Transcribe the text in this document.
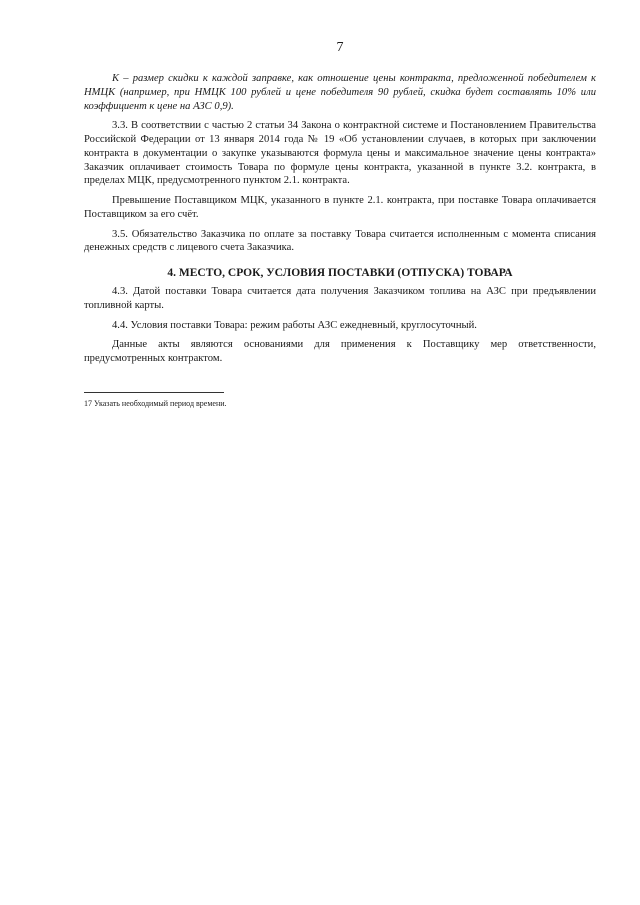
7

К – размер скидки к каждой заправке, как отношение цены контракта, предложенной победителем к НМЦК (например, при НМЦК 100 рублей и цене победителя 90 рублей, скидка будет составлять 10% или коэффициент к цене на АЗС 0,9).

3.3. В соответствии с частью 2 статьи 34 Закона о контрактной системе и Постановлением Правительства Российской Федерации от 13 января 2014 года № 19 «Об установлении случаев, в которых при заключении контракта в документации о закупке указываются формула цены и максимальное значение цены контракта» Заказчик оплачивает стоимость Товара по формуле цены контракта, указанной в пункте 3.2. контракта, в пределах МЦК, предусмотренного пунктом 2.1. контракта.

Превышение Поставщиком МЦК, указанного в пункте 2.1. контракта, при поставке Товара оплачивается Поставщиком за его счёт.

3.5. Обязательство Заказчика по оплате за поставку Товара считается исполненным с момента списания денежных средств с лицевого счета Заказчика.

4. МЕСТО, СРОК, УСЛОВИЯ ПОСТАВКИ (ОТПУСКА) ТОВАРА

4.3. Датой поставки Товара считается дата получения Заказчиком топлива на АЗС при предъявлении топливной карты.

4.4. Условия поставки Товара: режим работы АЗС ежедневный, круглосуточный.

Данные акты являются основаниями для применения к Поставщику мер ответственности, предусмотренных контрактом.

17 Указать необходимый период времени.
